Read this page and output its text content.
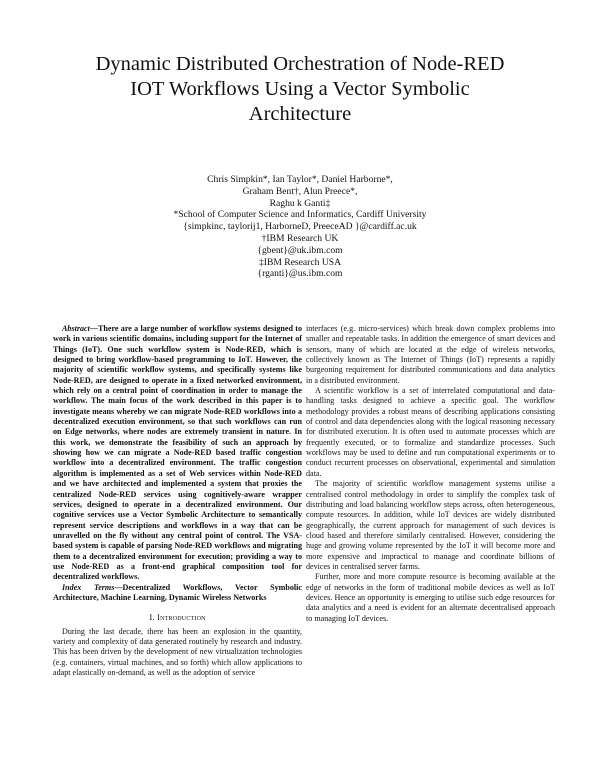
Dynamic Distributed Orchestration of Node-RED
IOT Workflows Using a Vector Symbolic
Architecture
Chris Simpkin*, Ian Taylor*, Daniel Harborne*,
Graham Bent†, Alun Preece*,
Raghu k Ganti‡
*School of Computer Science and Informatics, Cardiff University
{simpkinc, taylorij1, HarborneD, PreeceAD }@cardiff.ac.uk
†IBM Research UK
{gbent}@uk.ibm.com
‡IBM Research USA
{rganti}@us.ibm.com

Abstract—There are a large number of workflow systems designed to work in various scientific domains, including support for the Internet of Things (IoT). One such workflow system is Node-RED, which is designed to bring workflow-based programming to IoT. However, the majority of scientific workflow systems, and specifically systems like Node-RED, are designed to operate in a fixed networked environment, which rely on a central point of coordination in order to manage the workflow. The main focus of the work described in this paper is to investigate means whereby we can migrate Node-RED workflows into a decentralized execution environment, so that such workflows can run on Edge networks, where nodes are extremely transient in nature. In this work, we demonstrate the feasibility of such an approach by showing how we can migrate a Node-RED based traffic congestion workflow into a decentralized environment. The traffic congestion algorithm is implemented as a set of Web services within Node-RED and we have architected and implemented a system that proxies the centralized Node-RED services using cognitively-aware wrapper services, designed to operate in a decentralized environment. Our cognitive services use a Vector Symbolic Architecture to semantically represent service descriptions and workflows in a way that can be unravelled on the fly without any central point of control. The VSA-based system is capable of parsing Node-RED workflows and migrating them to a decentralized environment for execution; providing a way to use Node-RED as a front-end graphical composition tool for decentralized workflows.

Index Terms—Decentralized Workflows, Vector Symbolic Architecture, Machine Learning, Dynamic Wireless Networks

I. Introduction

During the last decade, there has been an explosion in the quantity, variety and complexity of data generated routinely by research and industry. This has been driven by the development of new virtualization technologies (e.g. containers, virtual machines, and so forth) which allow applications to adapt elastically on-demand, as well as the adoption of service

interfaces (e.g. micro-services) which break down complex problems into smaller and repeatable tasks. In addition the emergence of smart devices and sensors, many of which are located at the edge of wireless networks, collectively known as The Internet of Things (IoT) represents a rapidly burgeoning requirement for distributed communications and data analytics in a distributed environment.

A scientific workflow is a set of interrelated computational and data-handling tasks designed to achieve a specific goal. The workflow methodology provides a robust means of describing applications consisting of control and data dependencies along with the logical reasoning necessary for distributed execution. It is often used to automate processes which are frequently executed, or to formalize and standardize processes. Such workflows may be used to define and run computational experiments or to conduct recurrent processes on observational, experimental and simulation data.

The majority of scientific workflow management systems utilise a centralised control methodology in order to simplify the complex task of distributing and load balancing workflow steps across, often heterogeneous, compute resources. In addition, while IoT devices are widely distributed geographically, the current approach for management of such devices is cloud based and therefore similarly centralised. However, considering the huge and growing volume represented by the IoT it will become more and more expensive and impractical to manage and coordinate billions of devices in centralised server farms.

Further, more and more compute resource is becoming available at the edge of networks in the form of traditional mobile devices as well as IoT devices. Hence an opportunity is emerging to utilise such edge resources for data analytics and a need is evident for an alternate decentralised approach to managing IoT devices.
